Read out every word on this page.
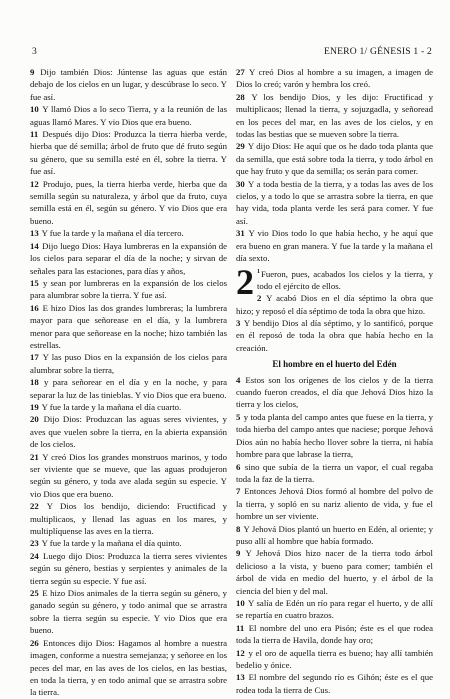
3	ENERO 1/ GÉNESIS 1 - 2

9 Dijo también Dios: Júntense las aguas que están debajo de los cielos en un lugar, y descúbrase lo seco. Y fue así.

10 Y llamó Dios a lo seco Tierra, y a la reunión de las aguas llamó Mares. Y vio Dios que era bueno.

11 Después dijo Dios: Produzca la tierra hierba verde, hierba que dé semilla; árbol de fruto que dé fruto según su género, que su semilla esté en él, sobre la tierra. Y fue así.

12 Produjo, pues, la tierra hierba verde, hierba que da semilla según su naturaleza, y árbol que da fruto, cuya semilla está en él, según su género. Y vio Dios que era bueno.

13 Y fue la tarde y la mañana el día tercero.

14 Dijo luego Dios: Haya lumbreras en la expansión de los cielos para separar el día de la noche; y sirvan de señales para las estaciones, para días y años,

15 y sean por lumbreras en la expansión de los cielos para alumbrar sobre la tierra. Y fue así.

16 E hizo Dios las dos grandes lumbreras; la lumbrera mayor para que señorease en el día, y la lumbrera menor para que señorease en la noche; hizo también las estrellas.

17 Y las puso Dios en la expansión de los cielos para alumbrar sobre la tierra,

18 y para señorear en el día y en la noche, y para separar la luz de las tinieblas. Y vio Dios que era bueno.

19 Y fue la tarde y la mañana el día cuarto.

20 Dijo Dios: Produzcan las aguas seres vivientes, y aves que vuelen sobre la tierra, en la abierta expansión de los cielos.

21 Y creó Dios los grandes monstruos marinos, y todo ser viviente que se mueve, que las aguas produjeron según su género, y toda ave alada según su especie. Y vio Dios que era bueno.

22 Y Dios los bendijo, diciendo: Fructificad y multiplicaos, y llenad las aguas en los mares, y multiplíquense las aves en la tierra.

23 Y fue la tarde y la mañana el día quinto.

24 Luego dijo Dios: Produzca la tierra seres vivientes según su género, bestias y serpientes y animales de la tierra según su especie. Y fue así.

25 E hizo Dios animales de la tierra según su género, y ganado según su género, y todo animal que se arrastra sobre la tierra según su especie. Y vio Dios que era bueno.

26 Entonces dijo Dios: Hagamos al hombre a nuestra imagen, conforme a nuestra semejanza; y señoree en los peces del mar, en las aves de los cielos, en las bestias, en toda la tierra, y en todo animal que se arrastra sobre la tierra.

27 Y creó Dios al hombre a su imagen, a imagen de Dios lo creó; varón y hembra los creó.

28 Y los bendijo Dios, y les dijo: Fructificad y multiplicaos; llenad la tierra, y sojuzgadla, y señoread en los peces del mar, en las aves de los cielos, y en todas las bestias que se mueven sobre la tierra.

29 Y dijo Dios: He aquí que os he dado toda planta que da semilla, que está sobre toda la tierra, y todo árbol en que hay fruto y que da semilla; os serán para comer.

30 Y a toda bestia de la tierra, y a todas las aves de los cielos, y a todo lo que se arrastra sobre la tierra, en que hay vida, toda planta verde les será para comer. Y fue así.

31 Y vio Dios todo lo que había hecho, y he aquí que era bueno en gran manera. Y fue la tarde y la mañana el día sexto.

2 $^1$Fueron, pues, acabados los cielos y la tierra, y todo el ejército de ellos.

2 Y acabó Dios en el día séptimo la obra que hizo; y reposó el día séptimo de toda la obra que hizo.

3 Y bendijo Dios al día séptimo, y lo santificó, porque en él reposó de toda la obra que había hecho en la creación.

El hombre en el huerto del Edén

4 Estos son los orígenes de los cielos y de la tierra cuando fueron creados, el día que Jehová Dios hizo la tierra y los cielos,

5 y toda planta del campo antes que fuese en la tierra, y toda hierba del campo antes que naciese; porque Jehová Dios aún no había hecho llover sobre la tierra, ni había hombre para que labrase la tierra,

6 sino que subía de la tierra un vapor, el cual regaba toda la faz de la tierra.

7 Entonces Jehová Dios formó al hombre del polvo de la tierra, y sopló en su nariz aliento de vida, y fue el hombre un ser viviente.

8 Y Jehová Dios plantó un huerto en Edén, al oriente; y puso allí al hombre que había formado.

9 Y Jehová Dios hizo nacer de la tierra todo árbol delicioso a la vista, y bueno para comer; también el árbol de vida en medio del huerto, y el árbol de la ciencia del bien y del mal.

10 Y salía de Edén un río para regar el huerto, y de allí se repartía en cuatro brazos.

11 El nombre del uno era Pisón; éste es el que rodea toda la tierra de Havila, donde hay oro;

12 y el oro de aquella tierra es bueno; hay allí también bedelio y ónice.

13 El nombre del segundo río es Gihón; éste es el que rodea toda la tierra de Cus.
